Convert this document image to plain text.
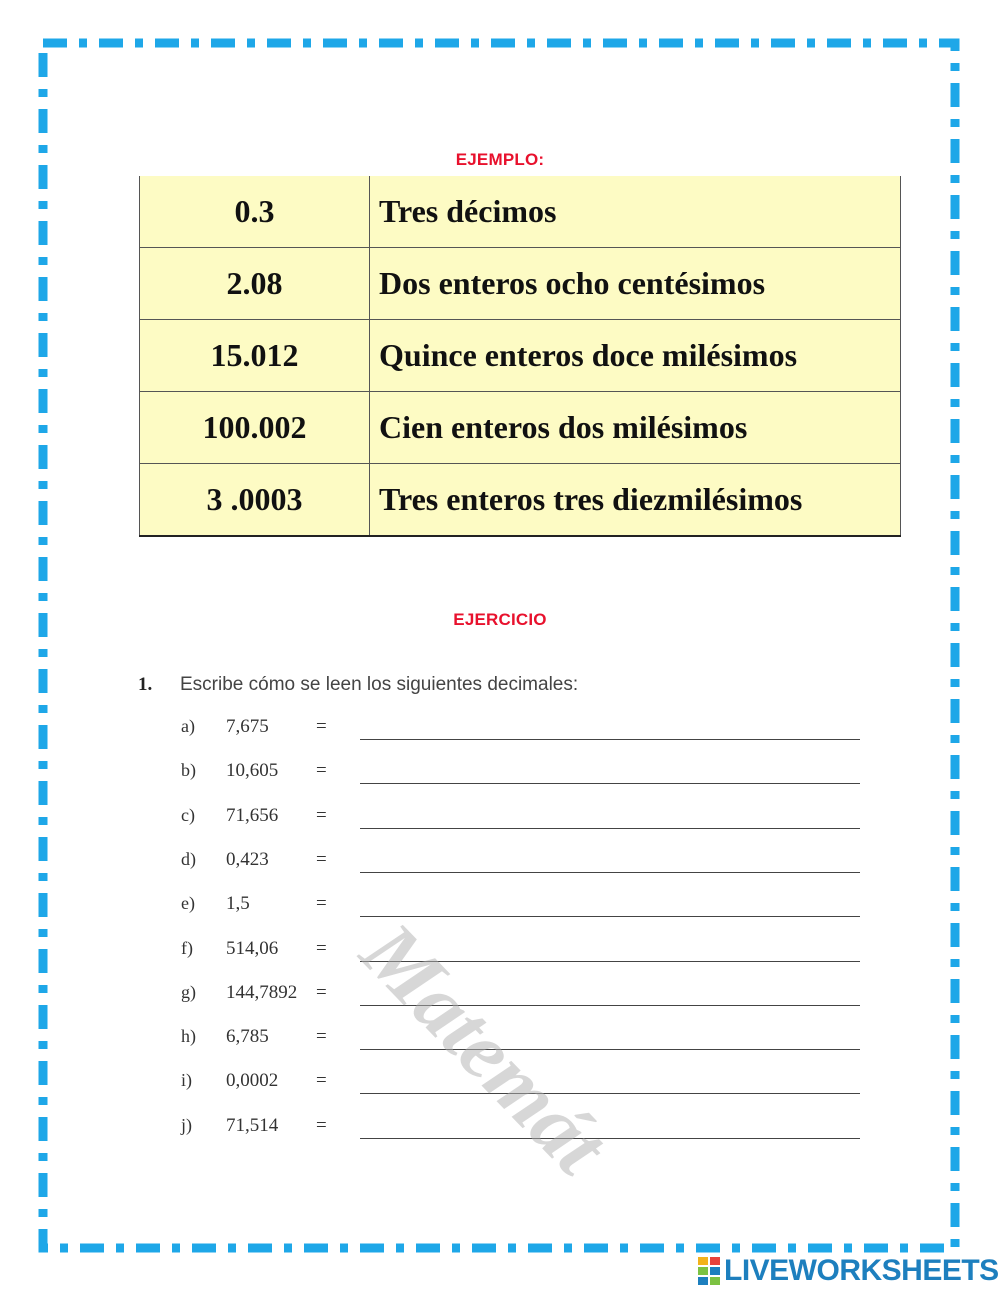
EJEMPLO:
0.3	Tres décimos
2.08	Dos enteros ocho centésimos
15.012	Quince enteros doce milésimos
100.002	Cien enteros dos milésimos
3 .0003	Tres enteros tres diezmilésimos
EJERCICIO
1. Escribe cómo se leen los siguientes decimales:
a) 7,675 =
b) 10,605 =
c) 71,656 =
d) 0,423 =
e) 1,5	=
f) 514,06 =
g) 144,7892 =
h) 6,785 =
i) 0,0002 =
j) 71,514 = Matemát
LIVEWORKSHEETS
